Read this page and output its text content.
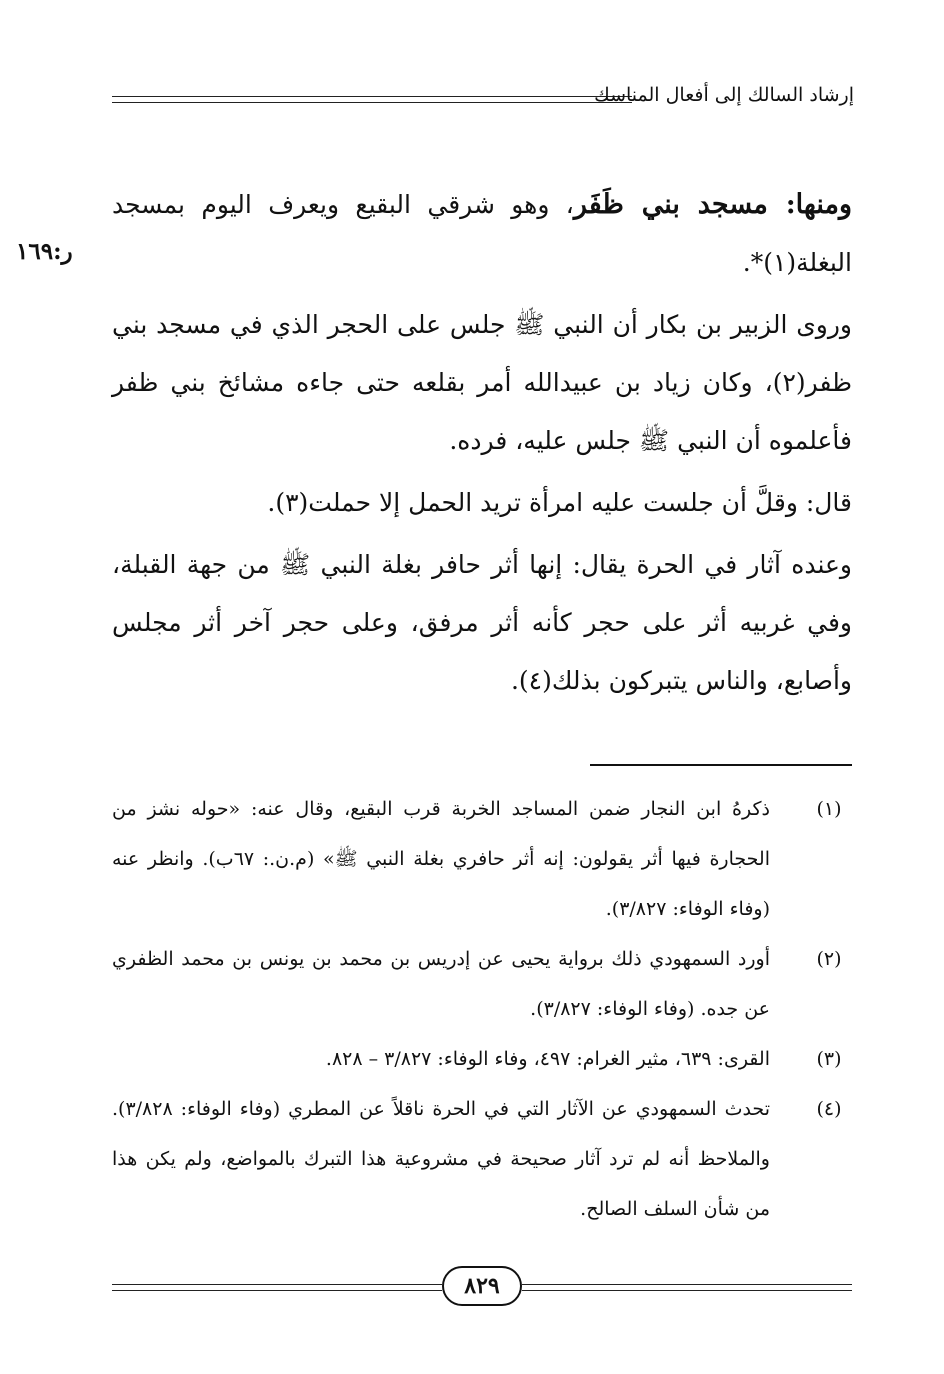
إرشاد السالك إلى أفعال المناسك
ر:١٦٩
ومنها: مسجد بني ظَفَر، وهو شرقي البقيع ويعرف اليوم بمسجد البغلة(١)*.
وروى الزبير بن بكار أن النبي ﷺ جلس على الحجر الذي في مسجد بني ظفر(٢)، وكان زياد بن عبيدالله أمر بقلعه حتى جاءه مشائخ بني ظفر فأعلموه أن النبي ﷺ جلس عليه، فرده.
قال: وقلَّ أن جلست عليه امرأة تريد الحمل إلا حملت(٣).
وعنده آثار في الحرة يقال: إنها أثر حافر بغلة النبي ﷺ من جهة القبلة، وفي غربيه أثر على حجر كأنه أثر مرفق، وعلى حجر آخر أثر مجلس وأصابع، والناس يتبركون بذلك(٤).
(١)
ذكرهُ ابن النجار ضمن المساجد الخربة قرب البقيع، وقال عنه: «حوله نشز من الحجارة فيها أثر يقولون: إنه أثر حافري بغلة النبي ﷺ» (م.ن.: ٦٧ب). وانظر عنه (وفاء الوفاء: ٣/٨٢٧).
(٢)
أورد السمهودي ذلك برواية يحيى عن إدريس بن محمد بن يونس بن محمد الظفري عن جده. (وفاء الوفاء: ٣/٨٢٧).
(٣)
القرى: ٦٣٩، مثير الغرام: ٤٩٧، وفاء الوفاء: ٣/٨٢٧ – ٨٢٨.
(٤)
تحدث السمهودي عن الآثار التي في الحرة ناقلاً عن المطري (وفاء الوفاء: ٣/٨٢٨). والملاحظ أنه لم ترد آثار صحيحة في مشروعية هذا التبرك بالمواضع، ولم يكن هذا من شأن السلف الصالح.
٨٢٩
